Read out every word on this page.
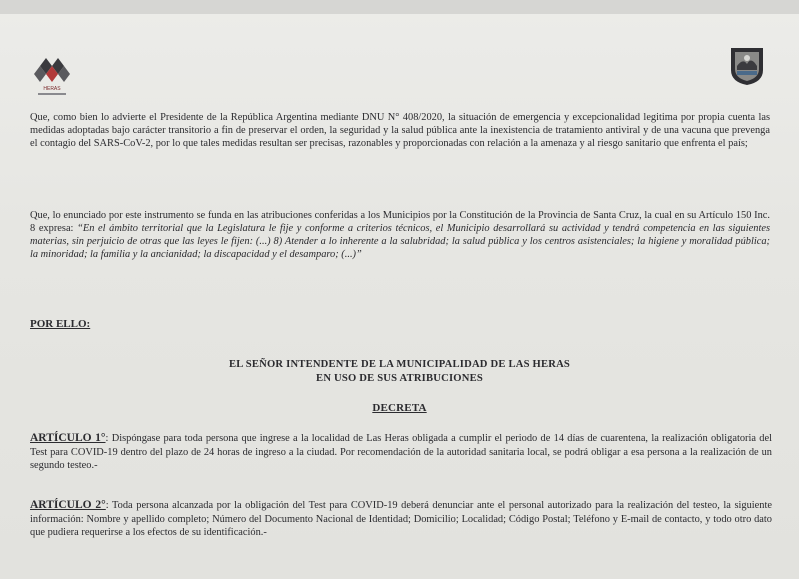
HERAS
Que, como bien lo advierte el Presidente de la República Argentina mediante DNU N° 408/2020, la situación de emergencia y excepcionalidad legitima por propia cuenta las medidas adoptadas bajo carácter transitorio a fin de preservar el orden, la seguridad y la salud pública ante la inexistencia de tratamiento antiviral y de una vacuna que prevenga el contagio del SARS-CoV-2, por lo que tales medidas resultan ser precisas, razonables y proporcionadas con relación a la amenaza y al riesgo sanitario que enfrenta el país;
Que, lo enunciado por este instrumento se funda en las atribuciones conferidas a los Municipios por la Constitución de la Provincia de Santa Cruz, la cual en su Artículo 150 Inc. 8 expresa: “En el ámbito territorial que la Legislatura le fije y conforme a criterios técnicos, el Municipio desarrollará su actividad y tendrá competencia en las siguientes materias, sin perjuicio de otras que las leyes le fijen: (...) 8) Atender a lo inherente a la salubridad; la salud pública y los centros asistenciales; la higiene y moralidad pública; la minoridad; la familia y la ancianidad; la discapacidad y el desamparo; (...)”
POR ELLO:
EL SEÑOR INTENDENTE DE LA MUNICIPALIDAD DE LAS HERAS
EN USO DE SUS ATRIBUCIONES
DECRETA
ARTÍCULO 1°: Dispóngase para toda persona que ingrese a la localidad de Las Heras obligada a cumplir el periodo de 14 días de cuarentena, la realización obligatoria del Test para COVID-19 dentro del plazo de 24 horas de ingreso a la ciudad. Por recomendación de la autoridad sanitaria local, se podrá obligar a esa persona a la realización de un segundo testeo.-
ARTÍCULO 2°: Toda persona alcanzada por la obligación del Test para COVID-19 deberá denunciar ante el personal autorizado para la realización del testeo, la siguiente información: Nombre y apellido completo; Número del Documento Nacional de Identidad; Domicilio; Localidad; Código Postal; Teléfono y E-mail de contacto, y todo otro dato que pudiera requerirse a los efectos de su identificación.-
